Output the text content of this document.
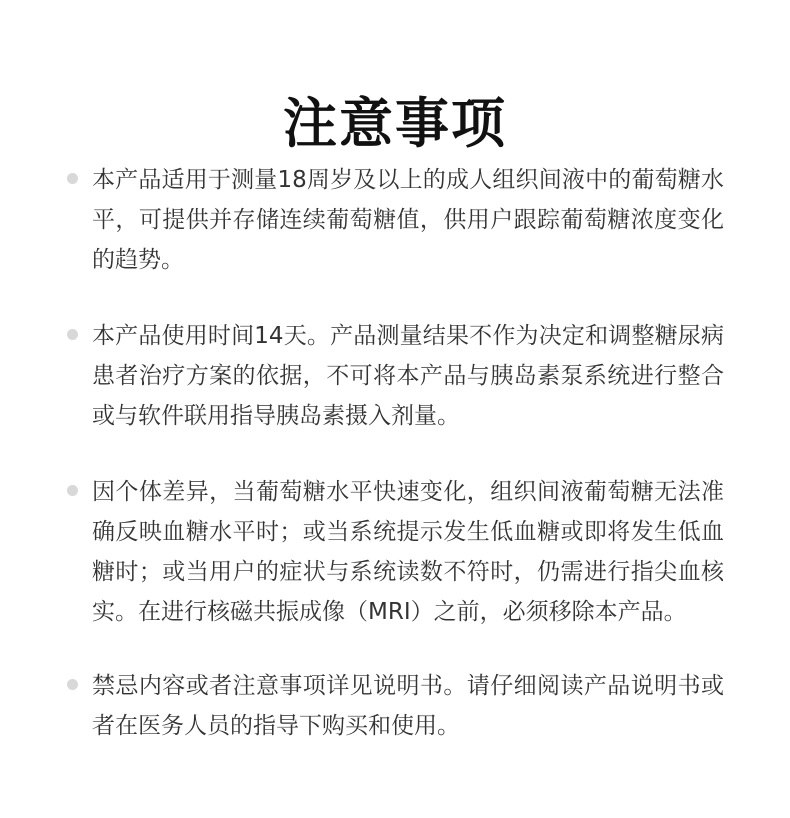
注意事项
本产品适用于测量18周岁及以上的成人组织间液中的葡萄糖水平，可提供并存储连续葡萄糖值，供用户跟踪葡萄糖浓度变化的趋势。
本产品使用时间14天。产品测量结果不作为决定和调整糖尿病患者治疗方案的依据，不可将本产品与胰岛素泵系统进行整合或与软件联用指导胰岛素摄入剂量。
因个体差异，当葡萄糖水平快速变化，组织间液葡萄糖无法准确反映血糖水平时；或当系统提示发生低血糖或即将发生低血糖时；或当用户的症状与系统读数不符时，仍需进行指尖血核实。在进行核磁共振成像（MRI）之前，必须移除本产品。
禁忌内容或者注意事项详见说明书。请仔细阅读产品说明书或者在医务人员的指导下购买和使用。
